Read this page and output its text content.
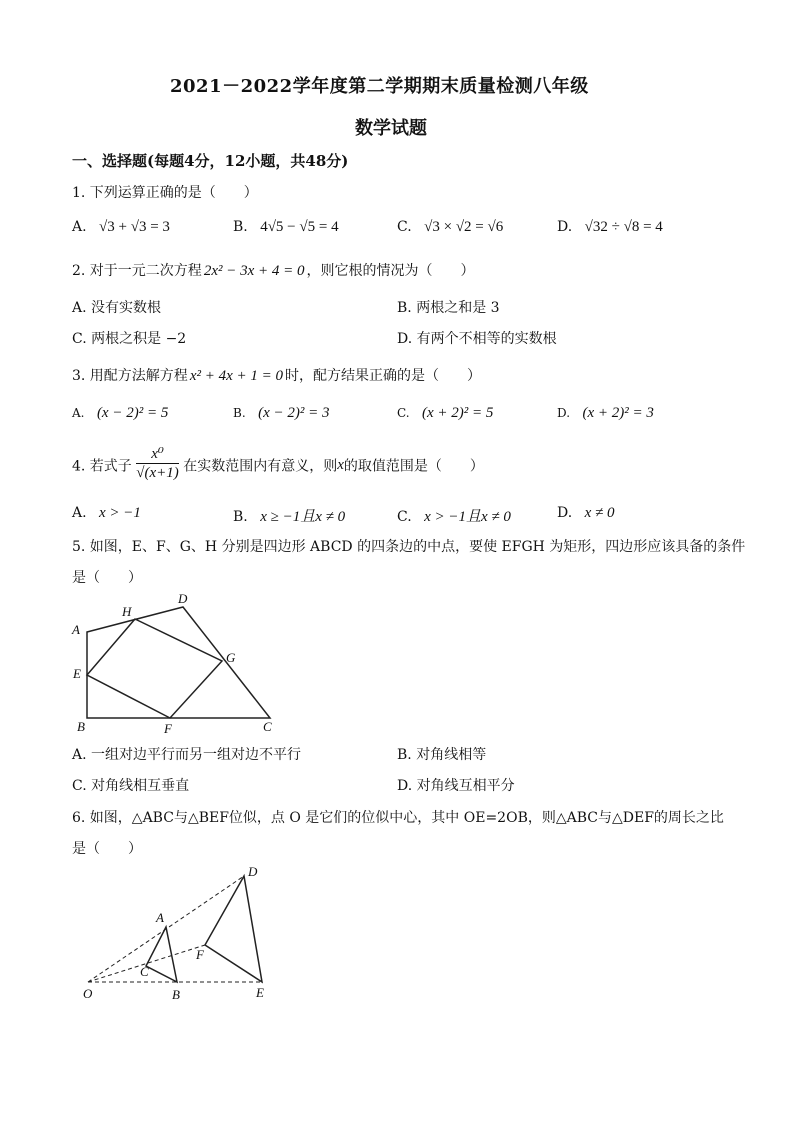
2021－2022学年度第二学期期末质量检测八年级
数学试题
一、选择题(每题4分，12小题，共48分)
1. 下列运算正确的是（　　）
A. √3 + √3 = 3	B. 4√5 − √5 = 4	C. √3 × √2 = √6	D. √32 ÷ √8 = 4
2. 对于一元二次方程 2x² − 3x + 4 = 0 ，则它根的情况为（　　）
A. 没有实数根	B. 两根之和是 3
C. 两根之积是 −2	D. 有两个不相等的实数根
3. 用配方法解方程 x² + 4x + 1 = 0 时，配方结果正确的是（　　）
A. (x − 2)² = 5	B. (x − 2)² = 3	C. (x + 2)² = 5	D. (x + 2)² = 3
4. 若式子 $\frac{\text{x⁰}}{√(x+1)}$ 在实数范围内有意义，则x的取值范围是（　　）
A. x > −1	B. x ≥ −1且x ≠ 0	C. x > −1且x ≠ 0	D. x ≠ 0
5. 如图，E、F、G、H 分别是四边形 ABCD 的四条边的中点，要使 EFGH 为矩形，四边形应该具备的条件
是（　　）
A
B	C
D
E
F
G
H
A. 一组对边平行而另一组对边不平行	B. 对角线相等
C. 对角线相互垂直	D. 对角线互相平分
6. 如图，△ABC与△BEF位似，点 O 是它们的位似中心，其中 OE=2OB，则△ABC与△DEF的周长之比
是（　　）
D
A
F
C
O	B	E
